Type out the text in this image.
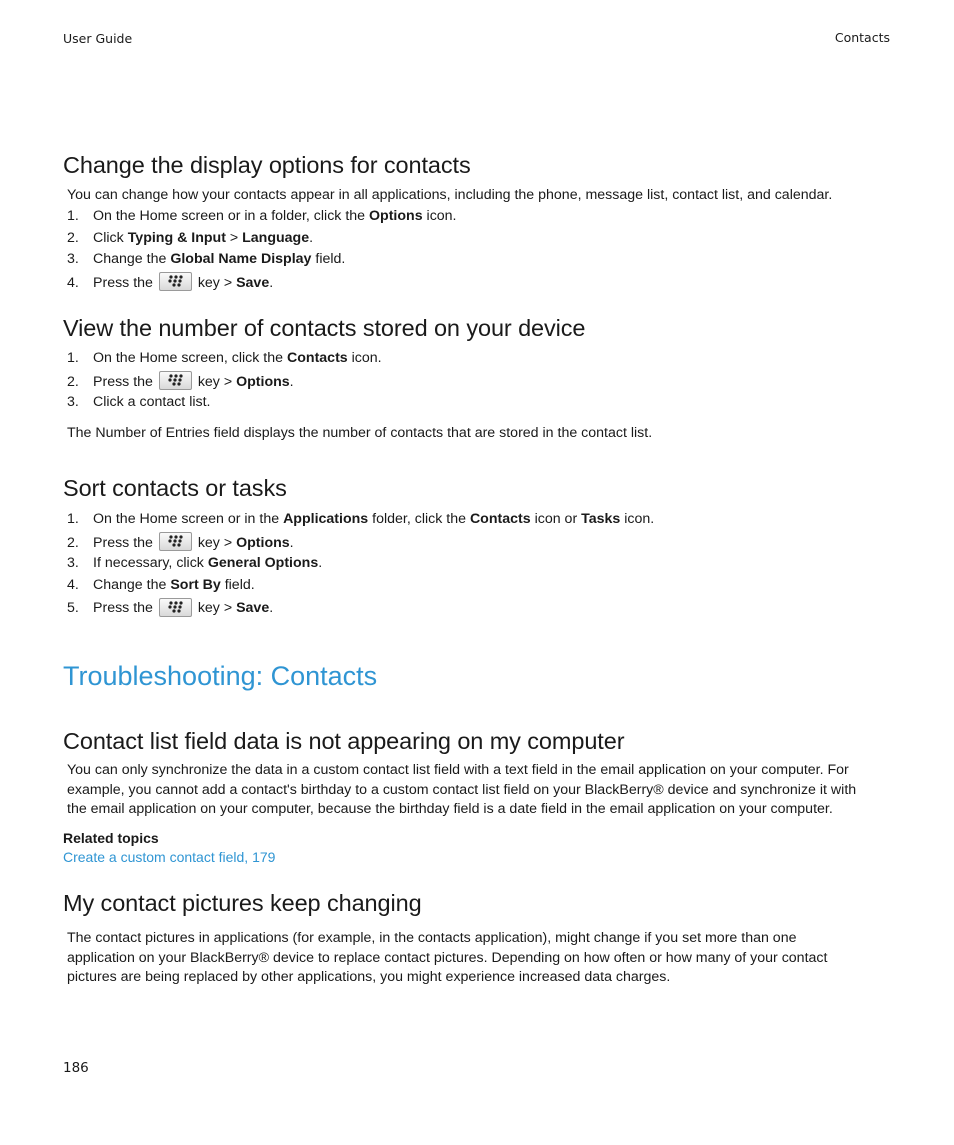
User Guide	Contacts
Change the display options for contacts

You can change how your contacts appear in all applications, including the phone, message list, contact list, and calendar.

1. On the Home screen or in a folder, click the Options icon.
2. Click Typing & Input > Language.
3. Change the Global Name Display field.
4. Press the	key > Save.
View the number of contacts stored on your device
1. On the Home screen, click the Contacts icon.
2. Press the	key > Options.
3. Click a contact list.

The Number of Entries field displays the number of contacts that are stored in the contact list.

Sort contacts or tasks
1. On the Home screen or in the Applications folder, click the Contacts icon or Tasks icon.
2. Press the	key > Options.
3. If necessary, click General Options.
4. Change the Sort By field.
5. Press the	key > Save.
Troubleshooting: Contacts
Contact list field data is not appearing on my computer

You can only synchronize the data in a custom contact list field with a text field in the email application on your computer. For
example, you cannot add a contact's birthday to a custom contact list field on your BlackBerry® device and synchronize it with
the email application on your computer, because the birthday field is a date field in the email application on your computer.

Related topics
Create a custom contact field, 179
My contact pictures keep changing

The contact pictures in applications (for example, in the contacts application), might change if you set more than one
application on your BlackBerry® device to replace contact pictures. Depending on how often or how many of your contact
pictures are being replaced by other applications, you might experience increased data charges.

186
